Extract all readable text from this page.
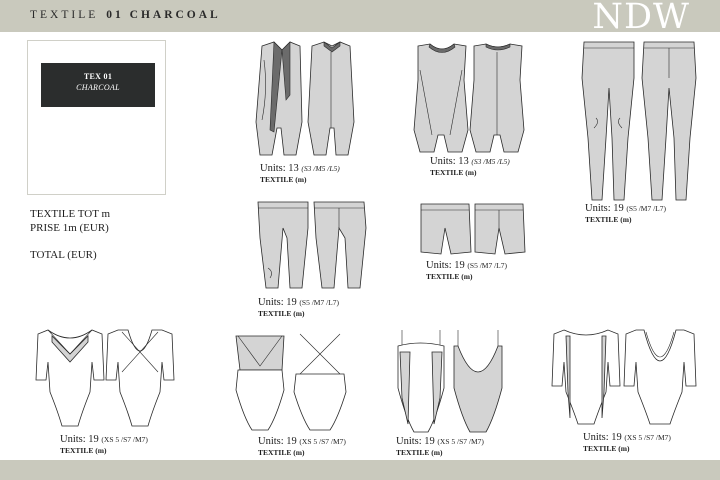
TEXTILE 01 CHARCOAL	NDW
TEX 01
CHARCOAL
TEXTILE TOT m
PRISE 1m (EUR)
TOTAL (EUR)
Units: 13 (S3 /M5 /L5)
TEXTILE (m)
Units: 13 (S3 /M5 /L5)
TEXTILE (m)
Units: 19 (S5 /M7 /L7)
TEXTILE (m)
Units: 19 (S5 /M7 /L7)
TEXTILE (m)
Units: 19 (S5 /M7 /L7)
TEXTILE (m)
Units: 19 (XS 5 /S7 /M7)
TEXTILE (m)
Units: 19 (XS 5 /S7 /M7)
TEXTILE (m)
Units: 19 (XS 5 /S7 /M7)
TEXTILE (m)
Units: 19 (XS 5 /S7 /M7)
TEXTILE (m)
